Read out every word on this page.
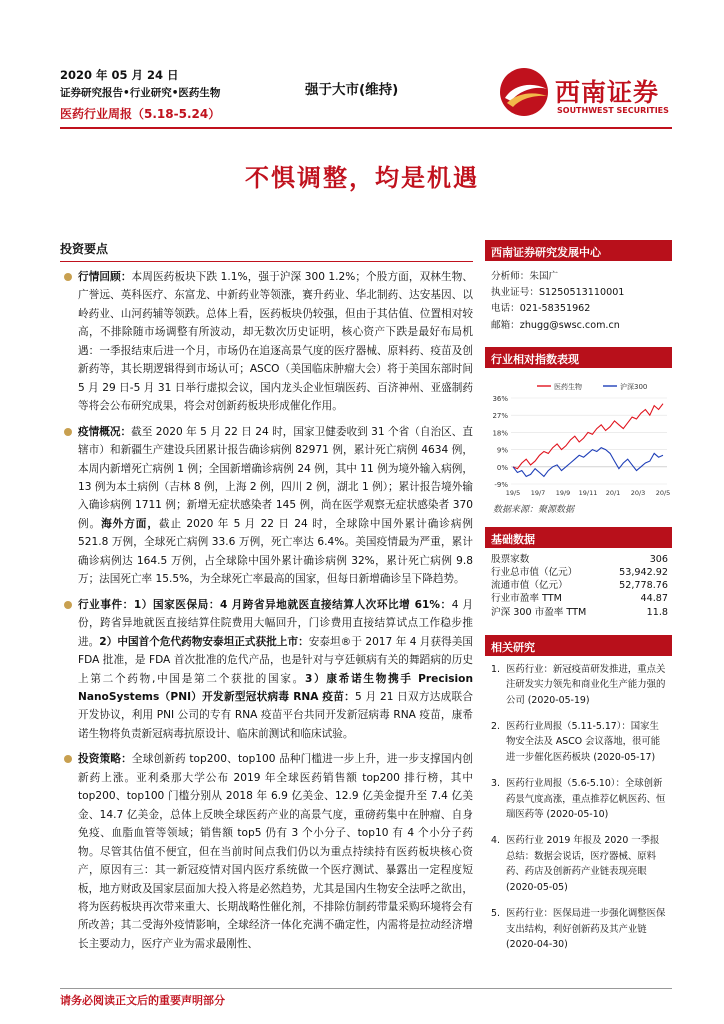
2020 年 05 月 24 日
证券研究报告•行业研究•医药生物
医药行业周报（5.18-5.24）
强于大市(维持)	西南证券
SOUTHWEST SECURITIES
不惧调整，均是机遇
投资要点
行情回顾：本周医药板块下跌 1.1%，强于沪深 300 1.2%；个股方面，双林生物、广誉远、英科医疗、东富龙、中新药业等领涨，赛升药业、华北制药、达安基因、以岭药业、山河药辅等领跌。总体上看，医药板块仍较强，但由于其估值、位置相对较高，不排除随市场调整有所波动，却无数次历史证明，核心资产下跌是最好布局机遇：一季报结束后进一个月，市场仍在追逐高景气度的医疗器械、原料药、疫苗及创新药等，其长期逻辑得到市场认可；ASCO（美国临床肿瘤大会）将于美国东部时间 5 月 29 日-5 月 31 日举行虚拟会议，国内龙头企业恒瑞医药、百济神州、亚盛制药等将会公布研究成果，将会对创新药板块形成催化作用。
疫情概况：截至 2020 年 5 月 22 日 24 时，国家卫健委收到 31 个省（自治区、直辖市）和新疆生产建设兵团累计报告确诊病例 82971 例，累计死亡病例 4634 例，本周内新增死亡病例 1 例；全国新增确诊病例 24 例，其中 11 例为境外输入病例，13 例为本土病例（吉林 8 例，上海 2 例，四川 2 例，湖北 1 例）；累计报告境外输入确诊病例 1711 例；新增无症状感染者 145 例，尚在医学观察无症状感染者 370 例。海外方面，截止 2020 年 5 月 22 日 24 时，全球除中国外累计确诊病例 521.8 万例，全球死亡病例 33.6 万例，死亡率达 6.4%。美国疫情最为严重，累计确诊病例达 164.5 万例，占全球除中国外累计确诊病例 32%，累计死亡病例 9.8 万；法国死亡率 15.5%，为全球死亡率最高的国家，但每日新增确诊呈下降趋势。
行业事件：1）国家医保局：4 月跨省异地就医直接结算人次环比增 61%：4 月份，跨省异地就医直接结算住院费用大幅回升，门诊费用直接结算试点工作稳步推进。2）中国首个危代药物安泰坦正式获批上市：安泰坦®于 2017 年 4 月获得美国 FDA 批准，是 FDA 首次批准的危代产品，也是针对与亨廷顿病有关的舞蹈病的历史上第二个药物,中国是第二个获批的国家。3）康希诺生物携手 Precision NanoSystems（PNI）开发新型冠状病毒 RNA 疫苗：5 月 21 日双方达成联合开发协议，利用 PNI 公司的专有 RNA 疫苗平台共同开发新冠病毒 RNA 疫苗，康希诺生物将负责新冠病毒抗原设计、临床前测试和临床试验。
投资策略：全球创新药 top200、top100 品种门槛进一步上升，进一步支撑国内创新药上涨。亚利桑那大学公布 2019 年全球医药销售额 top200 排行榜，其中 top200、top100 门槛分别从 2018 年 6.9 亿美金、12.9 亿美金提升至 7.4 亿美金、14.7 亿美金，总体上反映全球医药产业的高景气度，重磅药集中在肿瘤、自身免疫、血脂血管等领域；销售额 top5 仍有 3 个小分子、top10 有 4 个小分子药物。尽管其估值不便宜，但在当前时间点我们仍以为重点持续持有医药板块核心资产，原因有三：其一新冠疫情对国内医疗系统做一个医疗测试、暴露出一定程度短板，地方财政及国家层面加大投入将是必然趋势，尤其是国内生物安全法呼之欲出，将为医药板块再次带来重大、长期战略性催化剂，不排除仿制药带量采购环境将会有所改善；其二受海外疫情影响，全球经济一体化充满不确定性，内需将是拉动经济增长主要动力，医疗产业为需求最刚性、
西南证券研究发展中心
分析师：朱国广
执业证号：S1250513110001
电话：021-58351962
邮箱：zhugg@swsc.com.cn
行业相对指数表现
36%
27%
18%
9%
0%
-9%
19/5 19/7 19/9 19/11 20/1 20/3 20/5
医药生物	沪深300
数据来源：聚源数据
基础数据
股票家数	306
行业总市值（亿元）	53,942.92
流通市值（亿元）	52,778.76
行业市盈率 TTM	44.87
沪深 300 市盈率 TTM	11.8
相关研究
1. 医药行业：新冠疫苗研发推进，重点关注研发实力领先和商业化生产能力强的公司 (2020-05-19)
2. 医药行业周报（5.11-5.17）：国家生物安全法及 ASCO 会议落地，很可能进一步催化医药板块 (2020-05-17)
3. 医药行业周报（5.6-5.10）：全球创新药景气度高涨，重点推荐亿帆医药、恒瑞医药等 (2020-05-10)
4. 医药行业 2019 年报及 2020 一季报总结：数据会说话，医疗器械、原料药、药店及创新药产业链表现亮眼 (2020-05-05)
5. 医药行业：医保局进一步强化调整医保支出结构，利好创新药及其产业链 (2020-04-30)
请务必阅读正文后的重要声明部分
